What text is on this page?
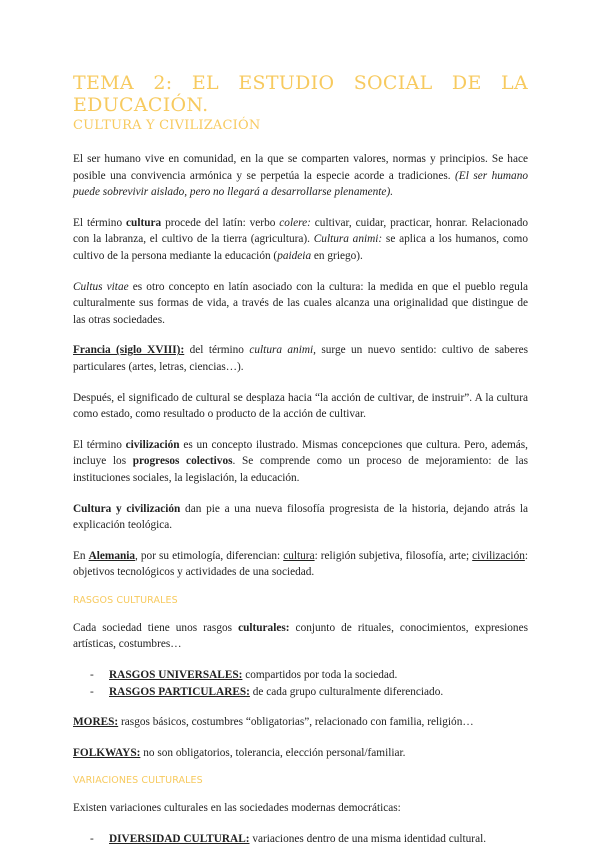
TEMA 2: EL ESTUDIO SOCIAL DE LA
EDUCACIÓN.
CULTURA Y CIVILIZACIÓN

El ser humano vive en comunidad, en la que se comparten valores, normas y principios. Se hace posible una convivencia armónica y se perpetúa la especie acorde a tradiciones. (El ser humano puede sobrevivir aislado, pero no llegará a desarrollarse plenamente).

El término cultura procede del latín: verbo colere: cultivar, cuidar, practicar, honrar. Relacionado con la labranza, el cultivo de la tierra (agricultura). Cultura animi: se aplica a los humanos, como cultivo de la persona mediante la educación (paideia en griego).

Cultus vitae es otro concepto en latín asociado con la cultura: la medida en que el pueblo regula culturalmente sus formas de vida, a través de las cuales alcanza una originalidad que distingue de las otras sociedades.

Francia (siglo XVIII): del término cultura animi, surge un nuevo sentido: cultivo de saberes particulares (artes, letras, ciencias…).

Después, el significado de cultural se desplaza hacia “la acción de cultivar, de instruir”. A la cultura como estado, como resultado o producto de la acción de cultivar.

El término civilización es un concepto ilustrado. Mismas concepciones que cultura. Pero, además, incluye los progresos colectivos. Se comprende como un proceso de mejoramiento: de las instituciones sociales, la legislación, la educación.

Cultura y civilización dan pie a una nueva filosofía progresista de la historia, dejando atrás la explicación teológica.

En Alemania, por su etimología, diferencian: cultura: religión subjetiva, filosofía, arte; civilización: objetivos tecnológicos y actividades de una sociedad.

RASGOS CULTURALES

Cada sociedad tiene unos rasgos culturales: conjunto de rituales, conocimientos, expresiones artísticas, costumbres…

- RASGOS UNIVERSALES: compartidos por toda la sociedad.
- RASGOS PARTICULARES: de cada grupo culturalmente diferenciado.

MORES: rasgos básicos, costumbres “obligatorias”, relacionado con familia, religión…

FOLKWAYS: no son obligatorios, tolerancia, elección personal/familiar.

VARIACIONES CULTURALES

Existen variaciones culturales en las sociedades modernas democráticas:

- DIVERSIDAD CULTURAL: variaciones dentro de una misma identidad cultural.
